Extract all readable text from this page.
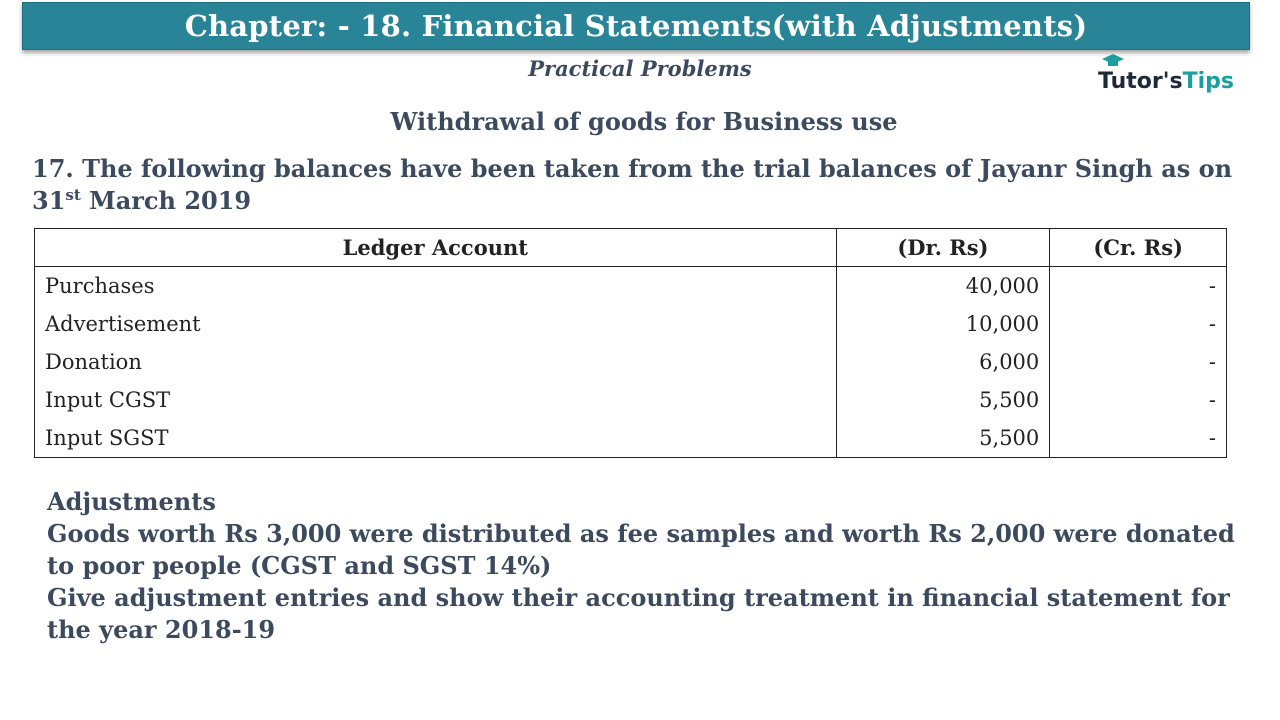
Chapter: - 18. Financial Statements(with Adjustments)
Practical Problems
Tutor's Tips
Withdrawal of goods for Business use
17. The following balances have been taken from the trial balances of Jayanr Singh as on 31st March 2019
Ledger Account	(Dr. Rs)	(Cr. Rs)
Purchases	40,000	-
Advertisement	10,000	-
Donation	6,000	-
Input CGST	5,500	-
Input SGST	5,500	-

Adjustments

Goods worth Rs 3,000 were distributed as fee samples and worth Rs 2,000 were donated to poor people (CGST and SGST 14%)

Give adjustment entries and show their accounting treatment in financial statement for the year 2018-19
